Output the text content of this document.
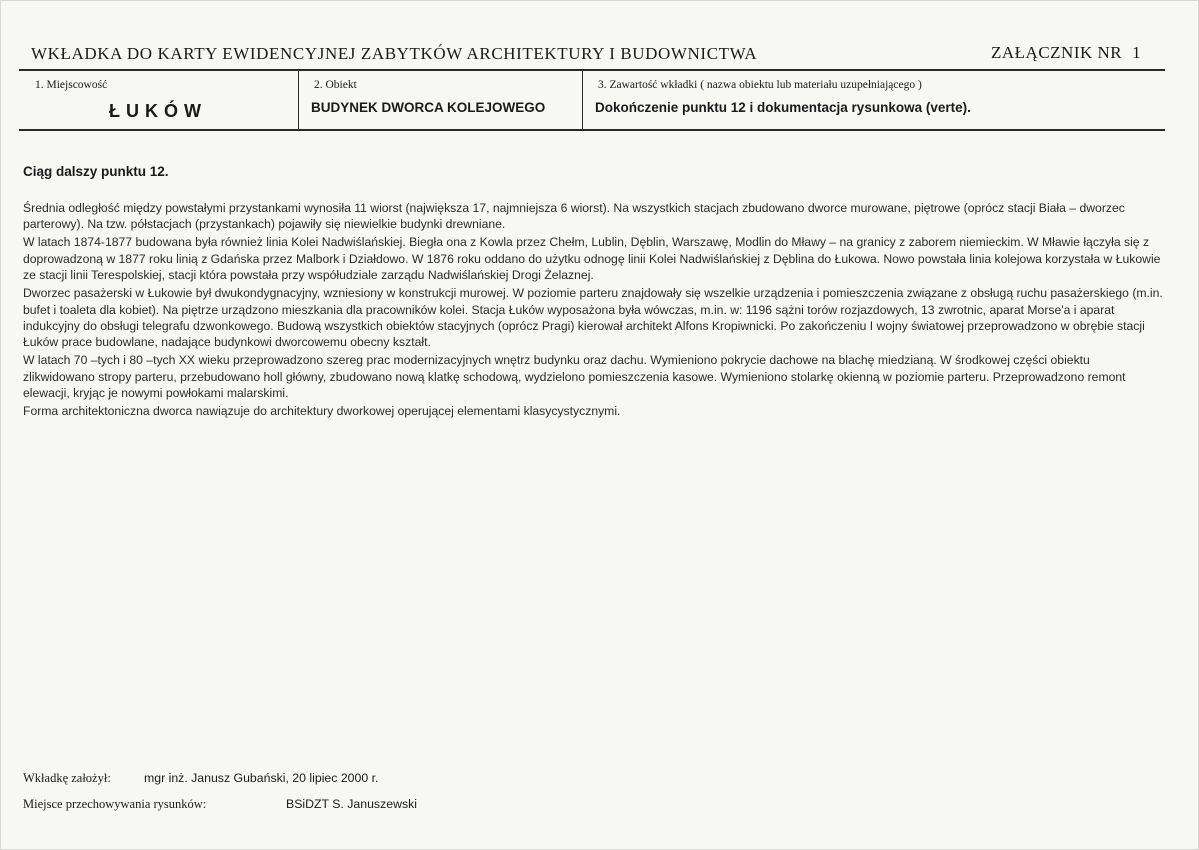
WKŁADKA DO KARTY EWIDENCYJNEJ ZABYTKÓW ARCHITEKTURY I BUDOWNICTWA	ZAŁĄCZNIK NR 1
1. Miejscowość
ŁUKÓW
2. Obiekt
BUDYNEK DWORCA KOLEJOWEGO
3. Zawartość wkładki ( nazwa obiektu lub materiału uzupełniającego )
Dokończenie punktu 12 i dokumentacja rysunkowa (verte).
Ciąg dalszy punktu 12.

Średnia odległość między powstałymi przystankami wynosiła 11 wiorst (największa 17, najmniejsza 6 wiorst). Na wszystkich stacjach zbudowano dworce murowane, piętrowe (oprócz stacji Biała – dworzec parterowy). Na tzw. półstacjach (przystankach) pojawiły się niewielkie budynki drewniane.

W latach 1874-1877 budowana była również linia Kolei Nadwiślańskiej. Biegła ona z Kowla przez Chełm, Lublin, Dęblin, Warszawę, Modlin do Mławy – na granicy z zaborem niemieckim. W Mławie łączyła się z doprowadzoną w 1877 roku linią z Gdańska przez Malbork i Działdowo. W 1876 roku oddano do użytku odnogę linii Kolei Nadwiślańskiej z Dęblina do Łukowa. Nowo powstała linia kolejowa korzystała w Łukowie ze stacji linii Terespolskiej, stacji która powstała przy współudziale zarządu Nadwiślańskiej Drogi Żelaznej.

Dworzec pasażerski w Łukowie był dwukondygnacyjny, wzniesiony w konstrukcji murowej. W poziomie parteru znajdowały się wszelkie urządzenia i pomieszczenia związane z obsługą ruchu pasażerskiego (m.in. bufet i toaleta dla kobiet). Na piętrze urządzono mieszkania dla pracowników kolei. Stacja Łuków wyposażona była wówczas, m.in. w: 1196 sążni torów rozjazdowych, 13 zwrotnic, aparat Morse'a i aparat indukcyjny do obsługi telegrafu dzwonkowego. Budową wszystkich obiektów stacyjnych (oprócz Pragi) kierował architekt Alfons Kropiwnicki. Po zakończeniu I wojny światowej przeprowadzono w obrębie stacji Łuków prace budowlane, nadające budynkowi dworcowemu obecny kształt.

W latach 70 –tych i 80 –tych XX wieku przeprowadzono szereg prac modernizacyjnych wnętrz budynku oraz dachu. Wymieniono pokrycie dachowe na blachę miedzianą. W środkowej części obiektu zlikwidowano stropy parteru, przebudowano holl główny, zbudowano nową klatkę schodową, wydzielono pomieszczenia kasowe. Wymieniono stolarkę okienną w poziomie parteru. Przeprowadzono remont elewacji, kryjąc je nowymi powłokami malarskimi.

Forma architektoniczna dworca nawiązuje do architektury dworkowej operującej elementami klasycystycznymi.

Wkładkę założył:	mgr inż. Janusz Gubański, 20 lipiec 2000 r.
Miejsce przechowywania rysunków:	BSiDZT S. Januszewski
